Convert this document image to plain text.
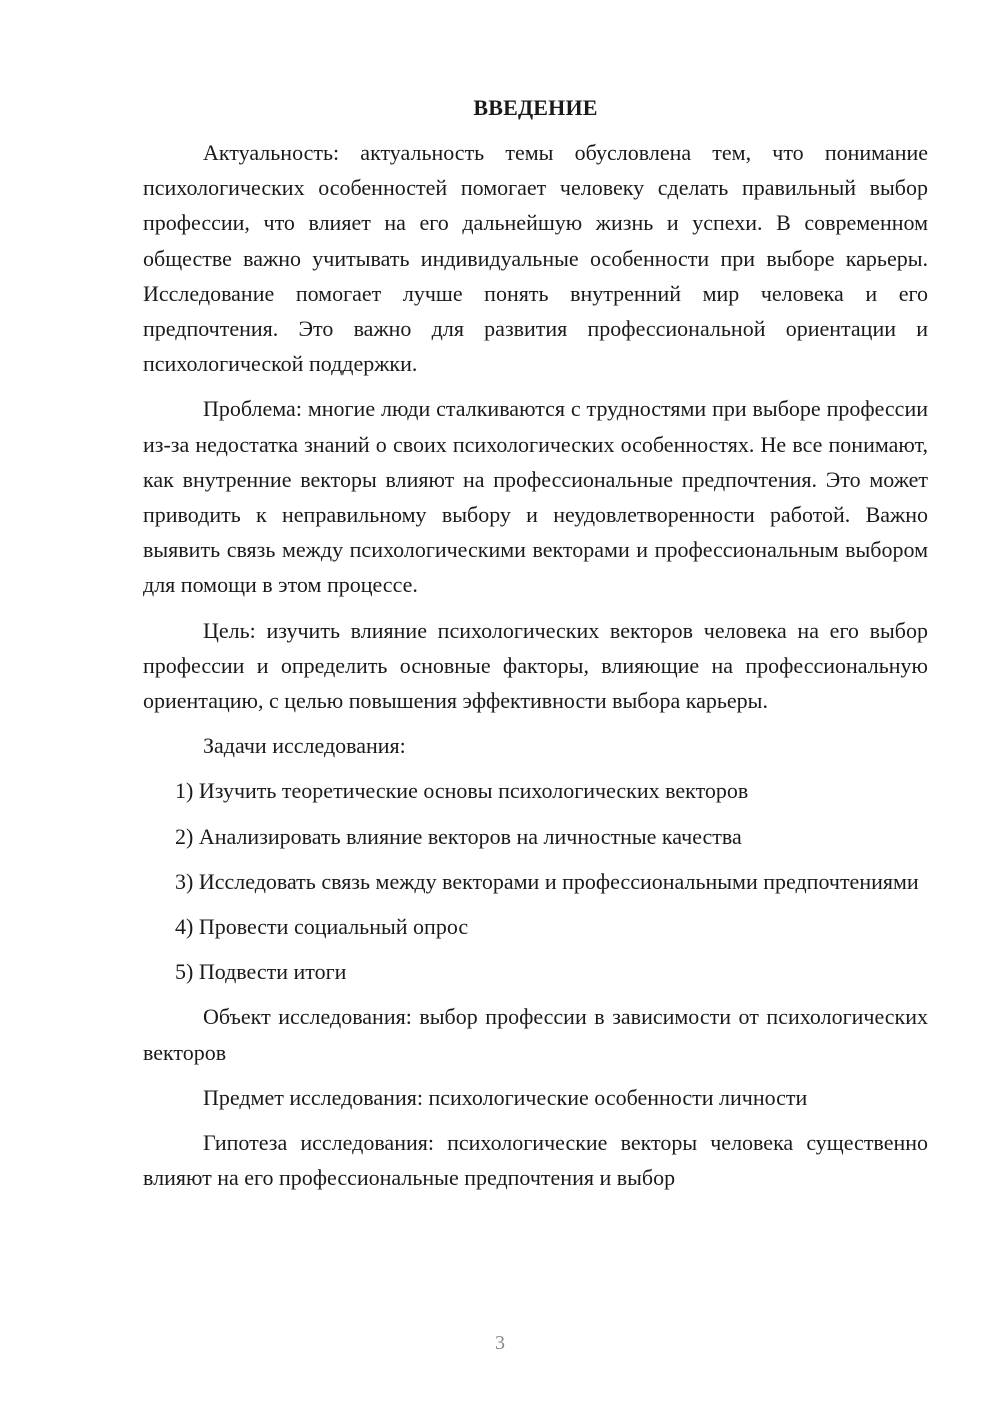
ВВЕДЕНИЕ

Актуальность: актуальность темы обусловлена тем, что понимание психологических особенностей помогает человеку сделать правильный выбор профессии, что влияет на его дальнейшую жизнь и успехи. В современном обществе важно учитывать индивидуальные особенности при выборе карьеры. Исследование помогает лучше понять внутренний мир человека и его предпочтения. Это важно для развития профессиональной ориентации и психологической поддержки.

Проблема: многие люди сталкиваются с трудностями при выборе профессии из-за недостатка знаний о своих психологических особенностях. Не все понимают, как внутренние векторы влияют на профессиональные предпочтения. Это может приводить к неправильному выбору и неудовлетворенности работой. Важно выявить связь между психологическими векторами и профессиональным выбором для помощи в этом процессе.

Цель: изучить влияние психологических векторов человека на его выбор профессии и определить основные факторы, влияющие на профессиональную ориентацию, с целью повышения эффективности выбора карьеры.

Задачи исследования:

1) Изучить теоретические основы психологических векторов

2) Анализировать влияние векторов на личностные качества

3) Исследовать связь между векторами и профессиональными предпочтениями

4) Провести социальный опрос

5) Подвести итоги

Объект исследования: выбор профессии в зависимости от психологических векторов

Предмет исследования: психологические особенности личности

Гипотеза исследования: психологические векторы человека существенно влияют на его профессиональные предпочтения и выбор

3
